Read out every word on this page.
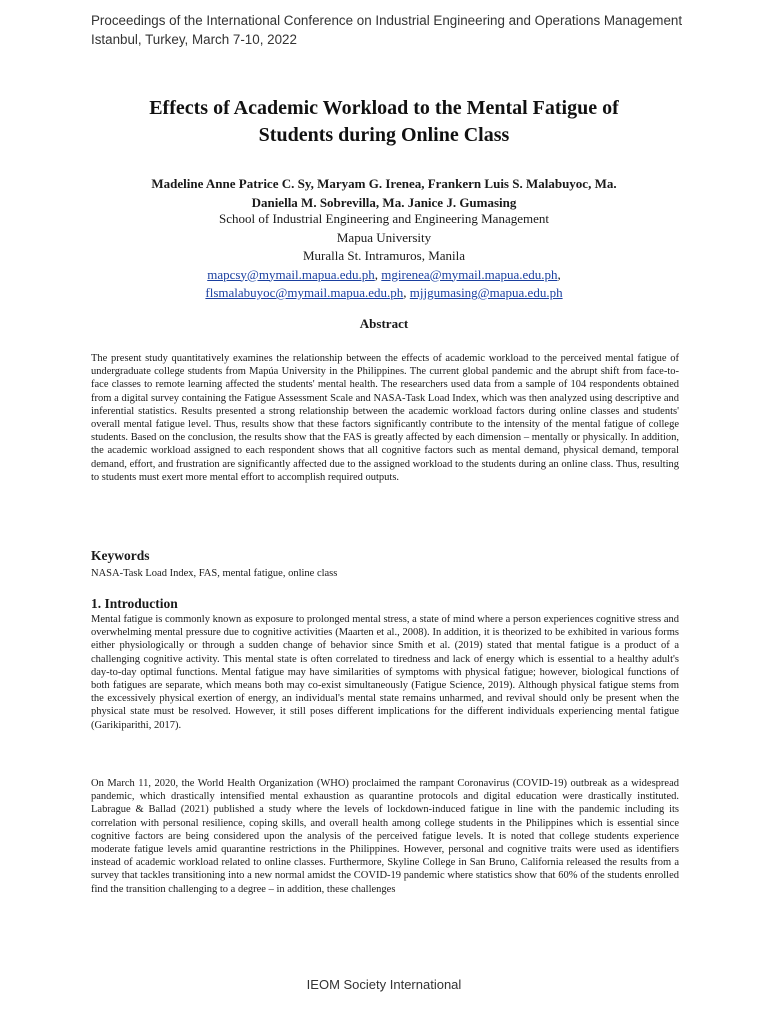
Proceedings of the International Conference on Industrial Engineering and Operations Management
Istanbul, Turkey, March 7-10, 2022
Effects of Academic Workload to the Mental Fatigue of
Students during Online Class
Madeline Anne Patrice C. Sy, Maryam G. Irenea, Frankern Luis S. Malabuyoc, Ma.
Daniella M. Sobrevilla, Ma. Janice J. Gumasing
School of Industrial Engineering and Engineering Management
Mapua University
Muralla St. Intramuros, Manila
mapcsy@mymail.mapua.edu.ph, mgirenea@mymail.mapua.edu.ph,
flsmalabuyoc@mymail.mapua.edu.ph, mjjgumasing@mapua.edu.ph
Abstract
The present study quantitatively examines the relationship between the effects of academic workload to the perceived mental fatigue of undergraduate college students from Mapúa University in the Philippines. The current global pandemic and the abrupt shift from face-to-face classes to remote learning affected the students' mental health. The researchers used data from a sample of 104 respondents obtained from a digital survey containing the Fatigue Assessment Scale and NASA-Task Load Index, which was then analyzed using descriptive and inferential statistics. Results presented a strong relationship between the academic workload factors during online classes and students' overall mental fatigue level. Thus, results show that these factors significantly contribute to the intensity of the mental fatigue of college students. Based on the conclusion, the results show that the FAS is greatly affected by each dimension – mentally or physically. In addition, the academic workload assigned to each respondent shows that all cognitive factors such as mental demand, physical demand, temporal demand, effort, and frustration are significantly affected due to the assigned workload to the students during an online class. Thus, resulting to students must exert more mental effort to accomplish required outputs.
Keywords
NASA-Task Load Index, FAS, mental fatigue, online class
1. Introduction
Mental fatigue is commonly known as exposure to prolonged mental stress, a state of mind where a person experiences cognitive stress and overwhelming mental pressure due to cognitive activities (Maarten et al., 2008). In addition, it is theorized to be exhibited in various forms either physiologically or through a sudden change of behavior since Smith et al. (2019) stated that mental fatigue is a product of a challenging cognitive activity. This mental state is often correlated to tiredness and lack of energy which is essential to a healthy adult's day-to-day optimal functions. Mental fatigue may have similarities of symptoms with physical fatigue; however, biological functions of both fatigues are separate, which means both may co-exist simultaneously (Fatigue Science, 2019). Although physical fatigue stems from the excessively physical exertion of energy, an individual's mental state remains unharmed, and revival should only be present when the physical state must be resolved. However, it still poses different implications for the different individuals experiencing mental fatigue (Garikiparithi, 2017).
On March 11, 2020, the World Health Organization (WHO) proclaimed the rampant Coronavirus (COVID-19) outbreak as a widespread pandemic, which drastically intensified mental exhaustion as quarantine protocols and digital education were drastically instituted. Labrague & Ballad (2021) published a study where the levels of lockdown-induced fatigue in line with the pandemic including its correlation with personal resilience, coping skills, and overall health among college students in the Philippines which is essential since cognitive factors are being considered upon the analysis of the perceived fatigue levels. It is noted that college students experience moderate fatigue levels amid quarantine restrictions in the Philippines. However, personal and cognitive traits were used as identifiers instead of academic workload related to online classes. Furthermore, Skyline College in San Bruno, California released the results from a survey that tackles transitioning into a new normal amidst the COVID-19 pandemic where statistics show that 60% of the students enrolled find the transition challenging to a degree – in addition, these challenges
IEOM Society International
